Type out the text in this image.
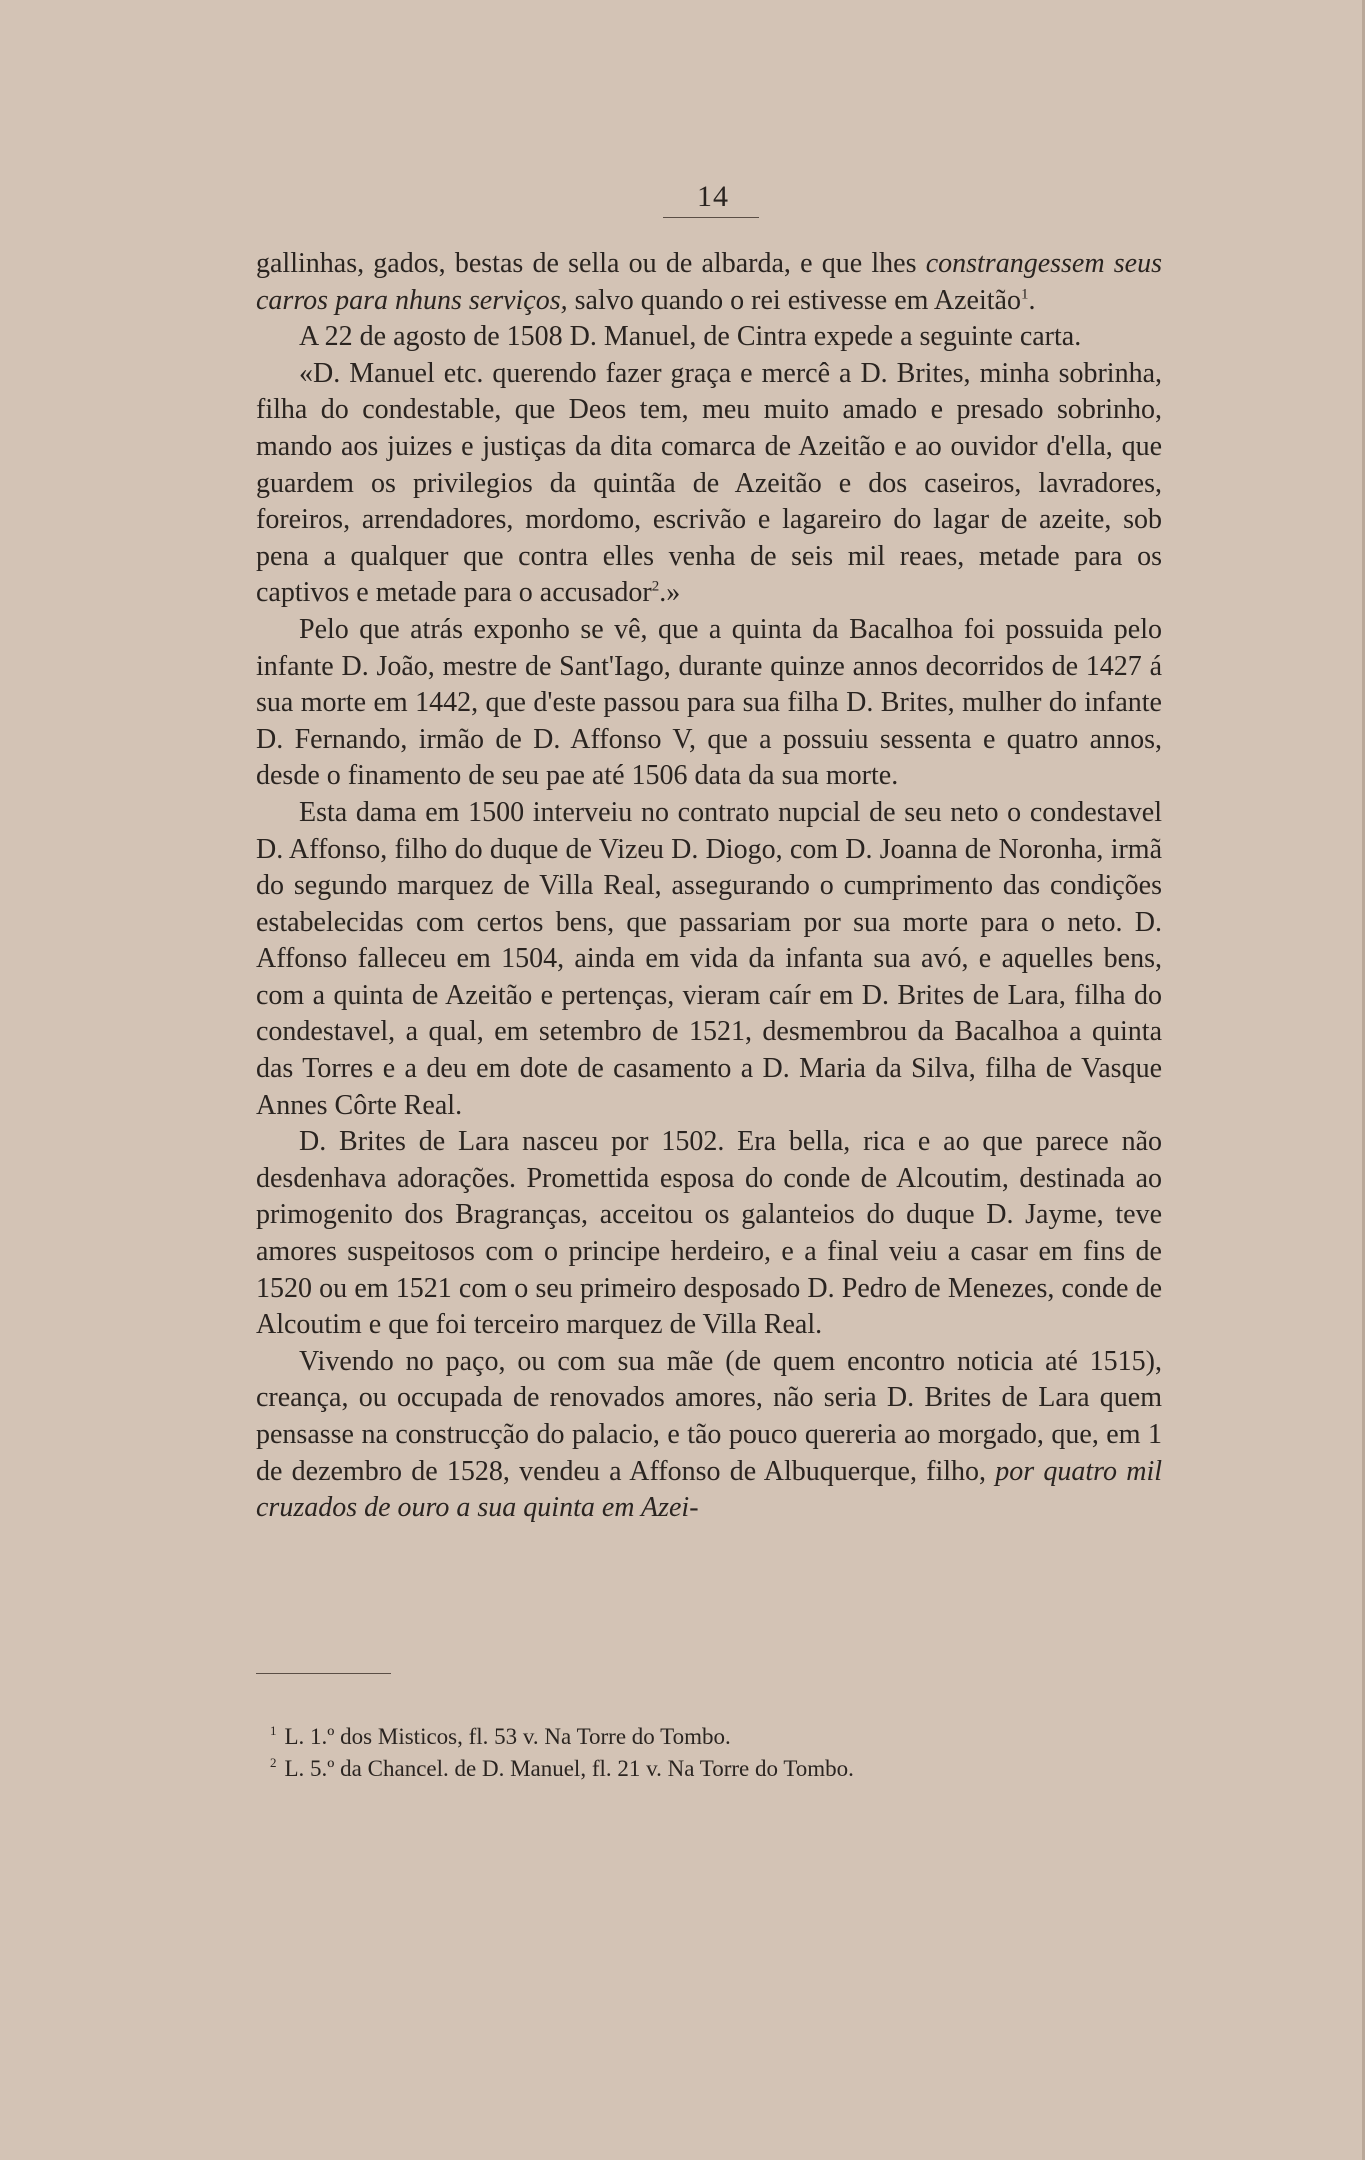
14

gallinhas, gados, bestas de sella ou de albarda, e que lhes constrangessem seus carros para nhuns serviços, salvo quando o rei estivesse em Azeitão$^1$.

A 22 de agosto de 1508 D. Manuel, de Cintra expede a seguinte carta.

«D. Manuel etc. querendo fazer graça e mercê a D. Brites, minha sobrinha, filha do condestable, que Deos tem, meu muito amado e presado sobrinho, mando aos juizes e justiças da dita comarca de Azeitão e ao ouvidor d'ella, que guardem os privilegios da quintãa de Azeitão e dos caseiros, lavradores, foreiros, arrendadores, mordomo, escrivão e lagareiro do lagar de azeite, sob pena a qualquer que contra elles venha de seis mil reaes, metade para os captivos e metade para o accusador$^2$.»

Pelo que atrás exponho se vê, que a quinta da Bacalhoa foi possuida pelo infante D. João, mestre de Sant'Iago, durante quinze annos decorridos de 1427 á sua morte em 1442, que d'este passou para sua filha D. Brites, mulher do infante D. Fernando, irmão de D. Affonso V, que a possuiu sessenta e quatro annos, desde o finamento de seu pae até 1506 data da sua morte.

Esta dama em 1500 interveiu no contrato nupcial de seu neto o condestavel D. Affonso, filho do duque de Vizeu D. Diogo, com D. Joanna de Noronha, irmã do segundo marquez de Villa Real, assegurando o cumprimento das condições estabelecidas com certos bens, que passariam por sua morte para o neto. D. Affonso falleceu em 1504, ainda em vida da infanta sua avó, e aquelles bens, com a quinta de Azeitão e pertenças, vieram caír em D. Brites de Lara, filha do condestavel, a qual, em setembro de 1521, desmembrou da Bacalhoa a quinta das Torres e a deu em dote de casamento a D. Maria da Silva, filha de Vasque Annes Côrte Real.

D. Brites de Lara nasceu por 1502. Era bella, rica e ao que parece não desdenhava adorações. Promettida esposa do conde de Alcoutim, destinada ao primogenito dos Bragranças, acceitou os galanteios do duque D. Jayme, teve amores suspeitosos com o principe herdeiro, e a final veiu a casar em fins de 1520 ou em 1521 com o seu primeiro desposado D. Pedro de Menezes, conde de Alcoutim e que foi terceiro marquez de Villa Real.

Vivendo no paço, ou com sua mãe (de quem encontro noticia até 1515), creança, ou occupada de renovados amores, não seria D. Brites de Lara quem pensasse na construcção do palacio, e tão pouco quereria ao morgado, que, em 1 de dezembro de 1528, vendeu a Affonso de Albuquerque, filho, por quatro mil cruzados de ouro a sua quinta em Azei-

$^1$ L. 1.º dos Misticos, fl. 53 v. Na Torre do Tombo.
$^2$ L. 5.º da Chancel. de D. Manuel, fl. 21 v. Na Torre do Tombo.
